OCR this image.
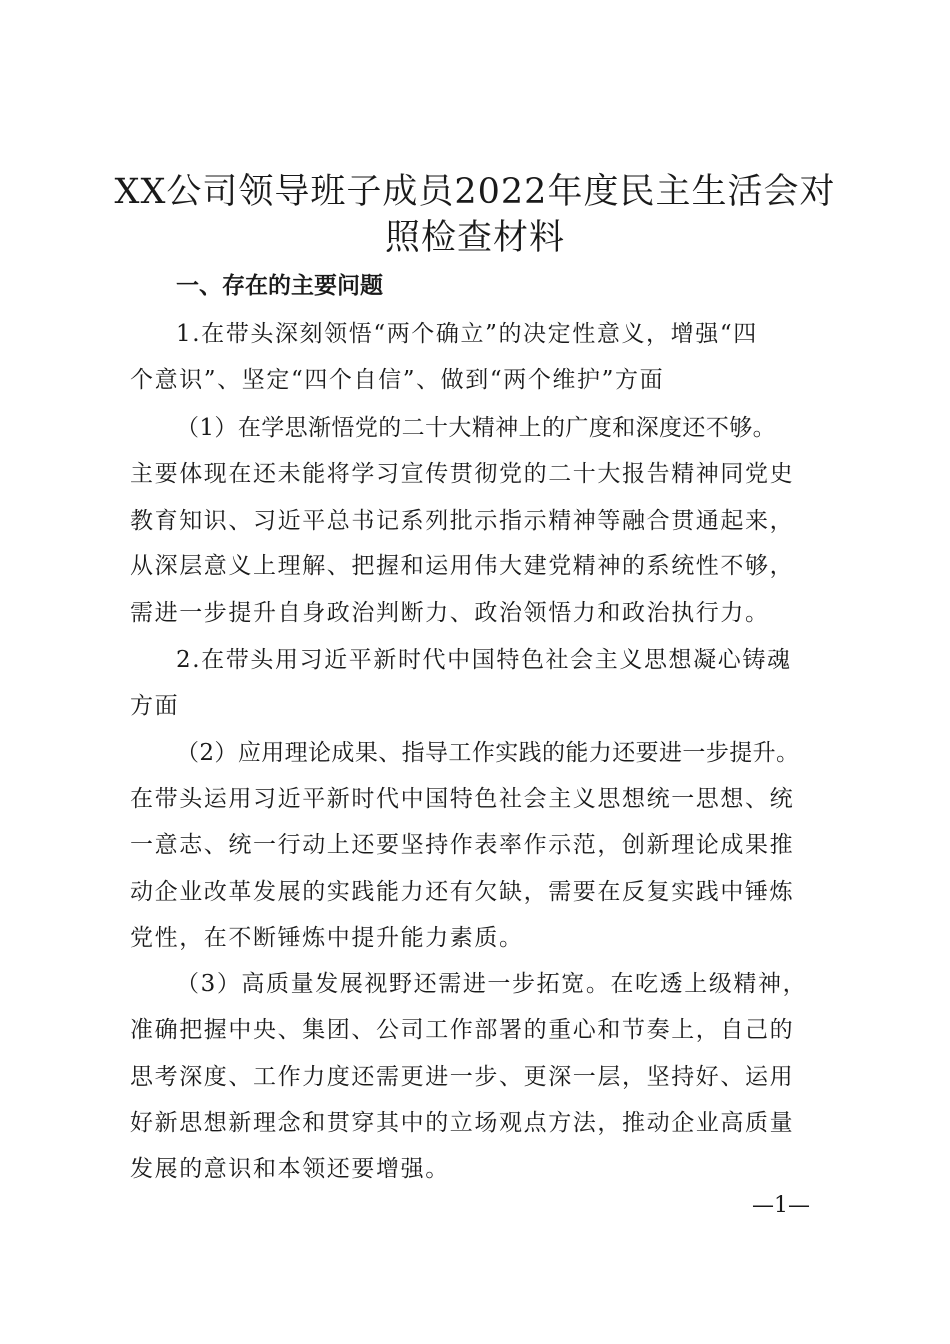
XX公司领导班子成员2022年度民主生活会对
照检查材料
一、存在的主要问题
1.在带头深刻领悟“两个确立”的决定性意义，增强“四
个意识”、坚定“四个自信”、做到“两个维护”方面
（1）在学思渐悟党的二十大精神上的广度和深度还不够。
主要体现在还未能将学习宣传贯彻党的二十大报告精神同党史
教育知识、习近平总书记系列批示指示精神等融合贯通起来，
从深层意义上理解、把握和运用伟大建党精神的系统性不够，
需进一步提升自身政治判断力、政治领悟力和政治执行力。
2.在带头用习近平新时代中国特色社会主义思想凝心铸魂
方面
（2）应用理论成果、指导工作实践的能力还要进一步提升。
在带头运用习近平新时代中国特色社会主义思想统一思想、统
一意志、统一行动上还要坚持作表率作示范，创新理论成果推
动企业改革发展的实践能力还有欠缺，需要在反复实践中锤炼
党性，在不断锤炼中提升能力素质。
（3）高质量发展视野还需进一步拓宽。在吃透上级精神，
准确把握中央、集团、公司工作部署的重心和节奏上，自己的
思考深度、工作力度还需更进一步、更深一层，坚持好、运用
好新思想新理念和贯穿其中的立场观点方法，推动企业高质量
发展的意识和本领还要增强。
—1—
